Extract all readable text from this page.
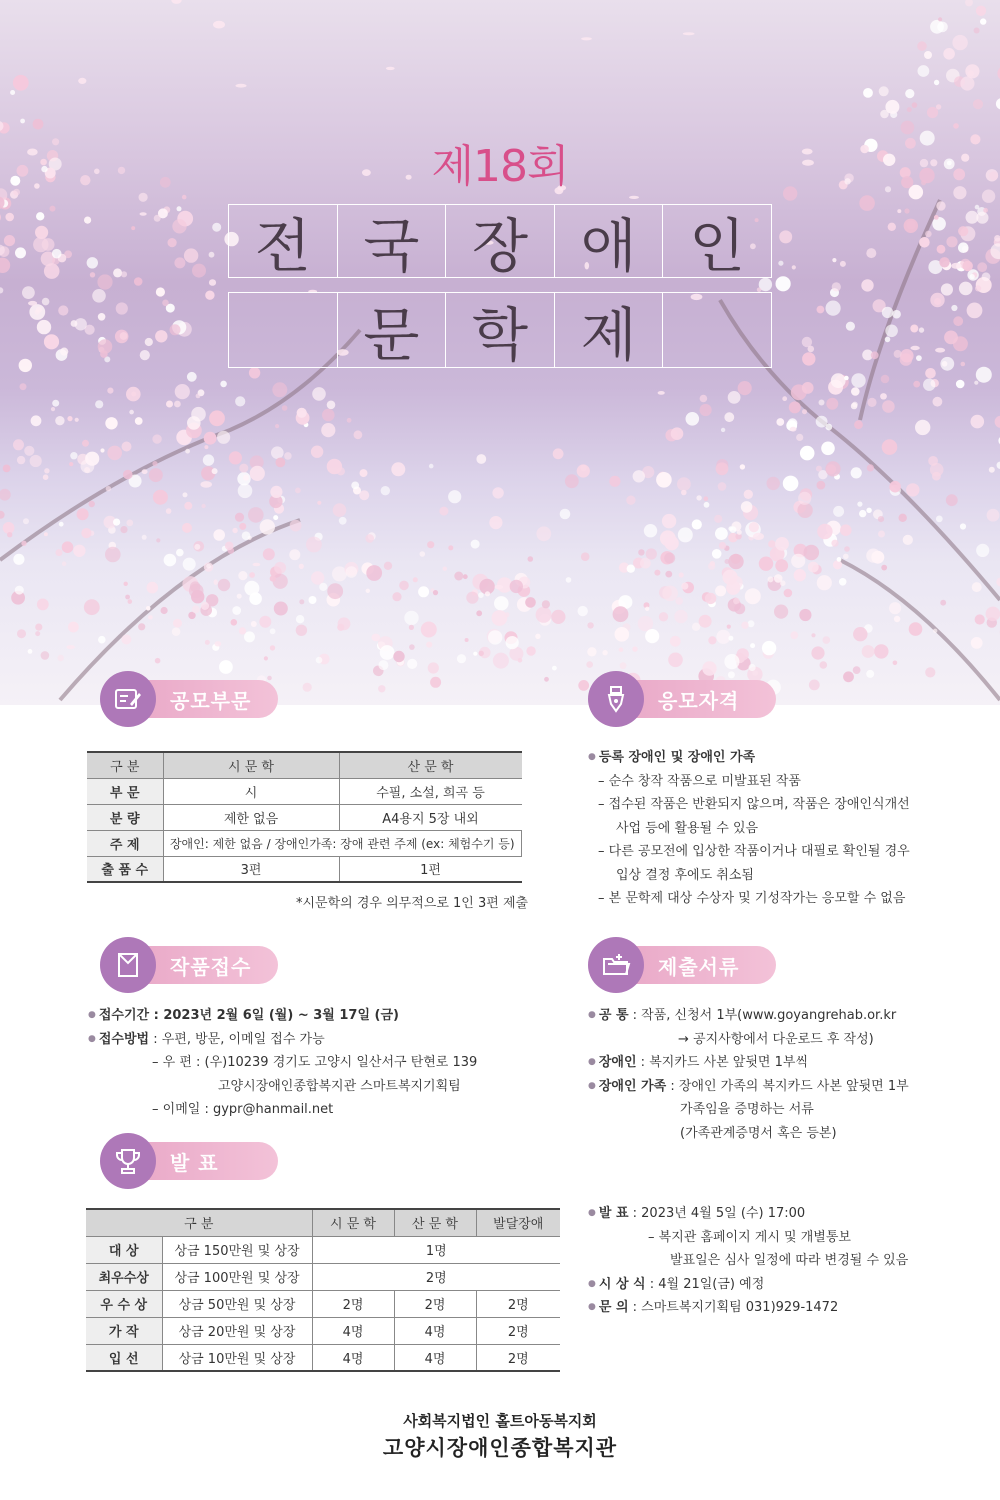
제18회
전 국 장 애 인
문 학 제
공모부문	응모자격
구 분	시 문 학	산 문 학
부 문	시	수필, 소설, 희곡 등
분 량	제한 없음	A4용지 5장 내외
주 제	장애인: 제한 없음 / 장애인가족: 장애 관련 주제 (ex: 체험수기 등)	
출 품 수	3편	1편
*시문학의 경우 의무적으로 1인 3편 제출
● 등록 장애인 및 장애인 가족
– 순수 창작 작품으로 미발표된 작품
– 접수된 작품은 반환되지 않으며, 작품은 장애인식개선
사업 등에 활용될 수 있음
– 다른 공모전에 입상한 작품이거나 대필로 확인될 경우
입상 결정 후에도 취소됨
– 본 문학제 대상 수상자 및 기성작가는 응모할 수 없음
작품접수	제출서류
● 접수기간 : 2023년 2월 6일 (월) ~ 3월 17일 (금)
● 접수방법 : 우편, 방문, 이메일 접수 가능
– 우 편 : (우)10239 경기도 고양시 일산서구 탄현로 139
고양시장애인종합복지관 스마트복지기획팀
– 이메일 : gypr@hanmail.net
● 공 통 : 작품, 신청서 1부(www.goyangrehab.or.kr
→ 공지사항에서 다운로드 후 작성)
● 장애인 : 복지카드 사본 앞뒷면 1부씩
● 장애인 가족 : 장애인 가족의 복지카드 사본 앞뒷면 1부
가족임을 증명하는 서류
(가족관계증명서 혹은 등본)
발 표
구 분		시 문 학	산 문 학	발달장애
대 상	상금 150만원 및 상장	1명		
최우수상	상금 100만원 및 상장	2명		
우 수 상	상금 50만원 및 상장	2명	2명	2명
가 작	상금 20만원 및 상장	4명	4명	2명
입 선	상금 10만원 및 상장	4명	4명	2명
● 발 표 : 2023년 4월 5일 (수) 17:00
– 복지관 홈페이지 게시 및 개별통보
발표일은 심사 일정에 따라 변경될 수 있음
● 시 상 식 : 4월 21일(금) 예정
● 문 의 : 스마트복지기획팀 031)929-1472
사회복지법인 홀트아동복지회
고양시장애인종합복지관
